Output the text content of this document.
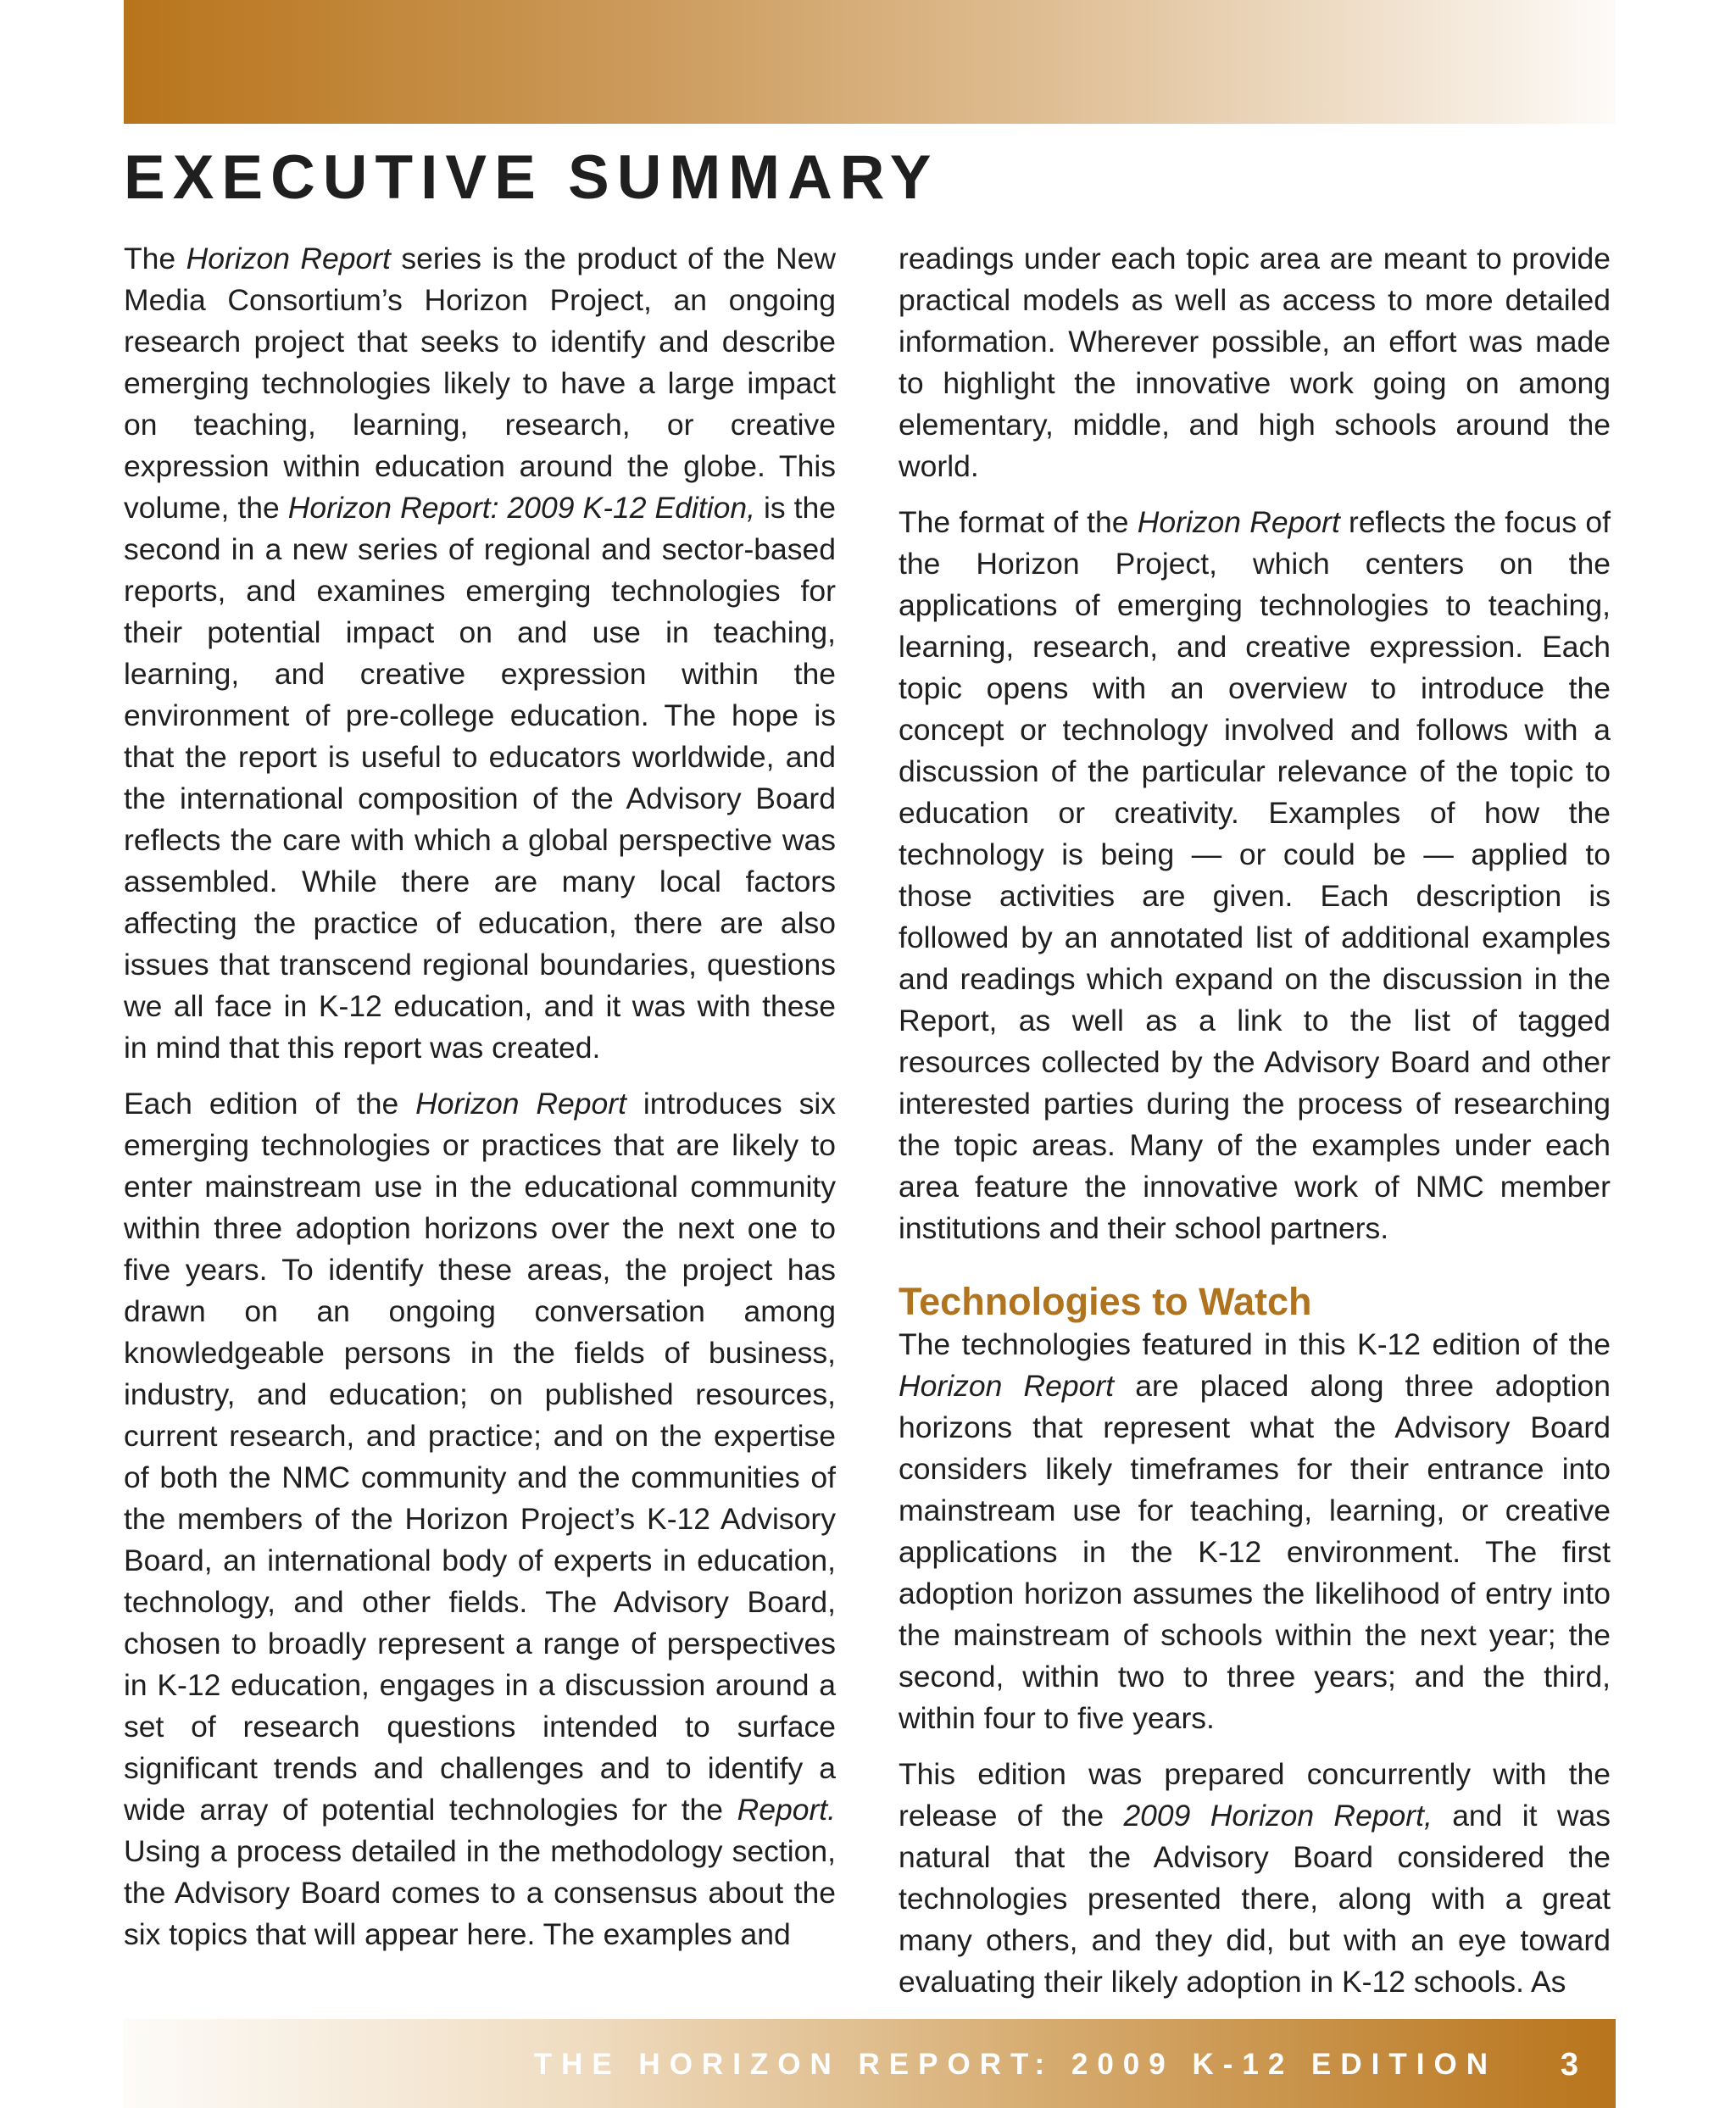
EXECUTIVE SUMMARY

The Horizon Report series is the product of the New Media Consortium’s Horizon Project, an ongoing research project that seeks to identify and describe emerging technologies likely to have a large impact on teaching, learning, research, or creative expression within education around the globe. This volume, the Horizon Report: 2009 K-12 Edition, is the second in a new series of regional and sector-based reports, and examines emerging technologies for their potential impact on and use in teaching, learning, and creative expression within the environment of pre-college education. The hope is that the report is useful to educators worldwide, and the international composition of the Advisory Board reflects the care with which a global perspective was assembled. While there are many local factors affecting the practice of education, there are also issues that transcend regional boundaries, questions we all face in K-12 education, and it was with these in mind that this report was created.

Each edition of the Horizon Report introduces six emerging technologies or practices that are likely to enter mainstream use in the educational community within three adoption horizons over the next one to five years. To identify these areas, the project has drawn on an ongoing conversation among knowledgeable persons in the fields of business, industry, and education; on published resources, current research, and practice; and on the expertise of both the NMC community and the communities of the members of the Horizon Project’s K-12 Advisory Board, an international body of experts in education, technology, and other fields. The Advisory Board, chosen to broadly represent a range of perspectives in K-12 education, engages in a discussion around a set of research questions intended to surface significant trends and challenges and to identify a wide array of potential technologies for the Report. Using a process detailed in the methodology section, the Advisory Board comes to a consensus about the six topics that will appear here. The examples and

readings under each topic area are meant to provide practical models as well as access to more detailed information. Wherever possible, an effort was made to highlight the innovative work going on among elementary, middle, and high schools around the world.

The format of the Horizon Report reflects the focus of the Horizon Project, which centers on the applications of emerging technologies to teaching, learning, research, and creative expression. Each topic opens with an overview to introduce the concept or technology involved and follows with a discussion of the particular relevance of the topic to education or creativity. Examples of how the technology is being — or could be — applied to those activities are given. Each description is followed by an annotated list of additional examples and readings which expand on the discussion in the Report, as well as a link to the list of tagged resources collected by the Advisory Board and other interested parties during the process of researching the topic areas. Many of the examples under each area feature the innovative work of NMC member institutions and their school partners.

Technologies to Watch

The technologies featured in this K-12 edition of the Horizon Report are placed along three adoption horizons that represent what the Advisory Board considers likely timeframes for their entrance into mainstream use for teaching, learning, or creative applications in the K-12 environment. The first adoption horizon assumes the likelihood of entry into the mainstream of schools within the next year; the second, within two to three years; and the third, within four to five years.

This edition was prepared concurrently with the release of the 2009 Horizon Report, and it was natural that the Advisory Board considered the technologies presented there, along with a great many others, and they did, but with an eye toward evaluating their likely adoption in K-12 schools. As

THE HORIZON REPORT: 2009 K-12 EDITION 3
